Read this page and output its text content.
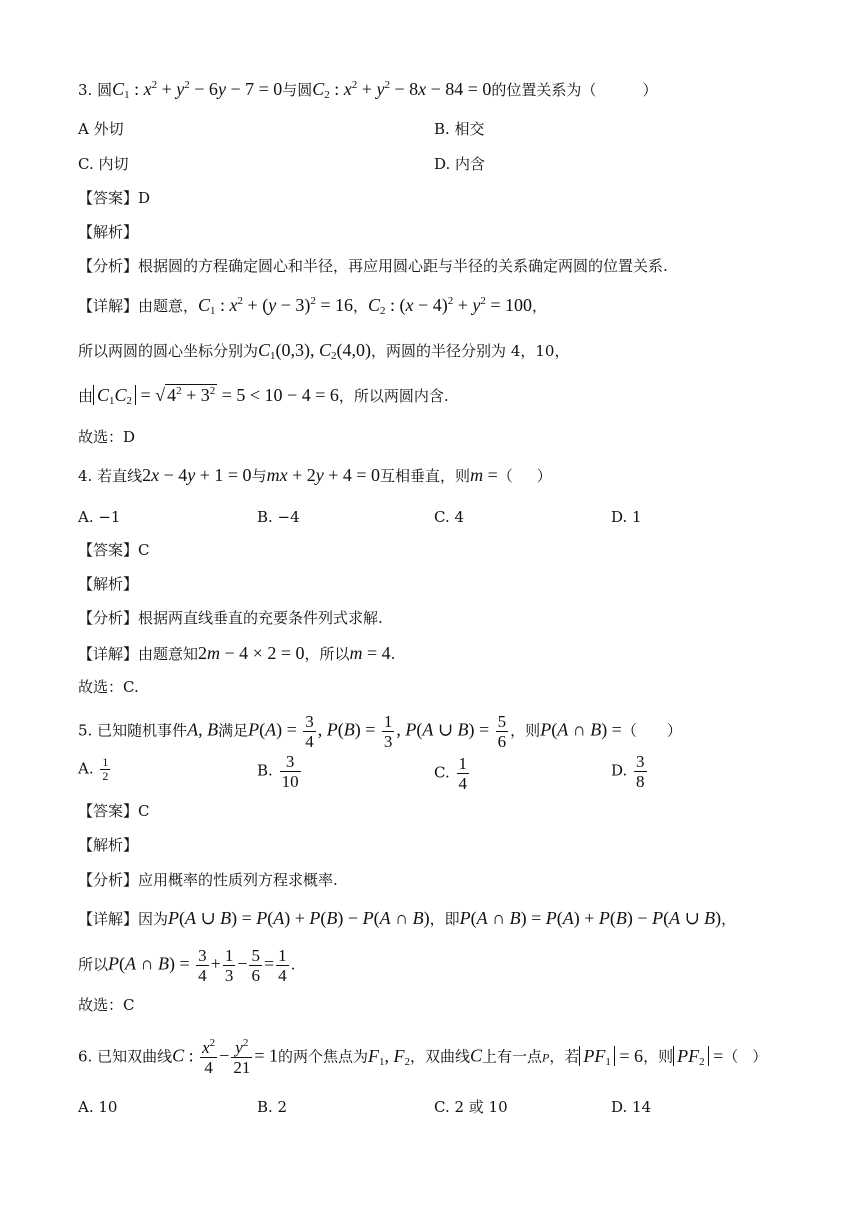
3. 圆$C_1$ : $x^2 + y^2 - 6y - 7 = 0$与圆$C_2$ : $x^2 + y^2 - 8x - 84 = 0$的位置关系为（	）
A 外切	B. 相交
C. 内切	D. 内含
【答案】D
【解析】
【分析】根据圆的方程确定圆心和半径，再应用圆心距与半径的关系确定两圆的位置关系.
【详解】由题意，$C_1$ : $x^2 + (y - 3)^2 = 16$，$C_2$ : $(x - 4)^2 + y^2 = 100$，
所以两圆的圆心坐标分别为$C_1(0,3)$, $C_2(4,0)$，两圆的半径分别为 4，10，
由 $C_1C_2$ = √ $4^2 + 3^2 = 5 < 10 - 4 = 6$，所以两圆内含.
故选：D
4. 若直线2x − 4y + 1 = 0与mx + 2y + 4 = 0互相垂直，则m =（ ）
A. −1	B. −4	C. 4	D. 1
【答案】C
【解析】
【分析】根据两直线垂直的充要条件列式求解.
【详解】由题意知2m − 4 × 2 = 0，所以m = 4.
故选：C.
5. 已知随机事件A, B满足$P(A) = \frac{3}{4}$ , $P(B) = \frac{1}{3}$ , P(A ∪ $B) = \frac{5}{6}$ ，则P(A ∩ B) =（ ）
A. $\frac{1}{2}$	B. $\frac{3}{10}$	C. $\frac{1}{4}$	D. $\frac{3}{8}$
【答案】C
【解析】
【分析】应用概率的性质列方程求概率.
【详解】因为P(A ∪ B) = P(A) + P(B) − P(A ∩ B)，即P(A ∩ B) = P(A) + P(B) − P(A ∪ B)，
所以P(A ∩ $B) = \frac{3}{4} + \frac{1}{3} - \frac{5}{6} = \frac{1}{4}$ .
故选：C
6. 已知双曲线C : $\frac{x^2}{4} - \frac{y^2}{21} = 1$的两个焦点为$F_1$, $F_2$，双曲线C上有一点P，若 $PF_1 = 6$，则 $PF_2$ =（ ）
A. 10	B. 2	C. 2 或 10	D. 14
